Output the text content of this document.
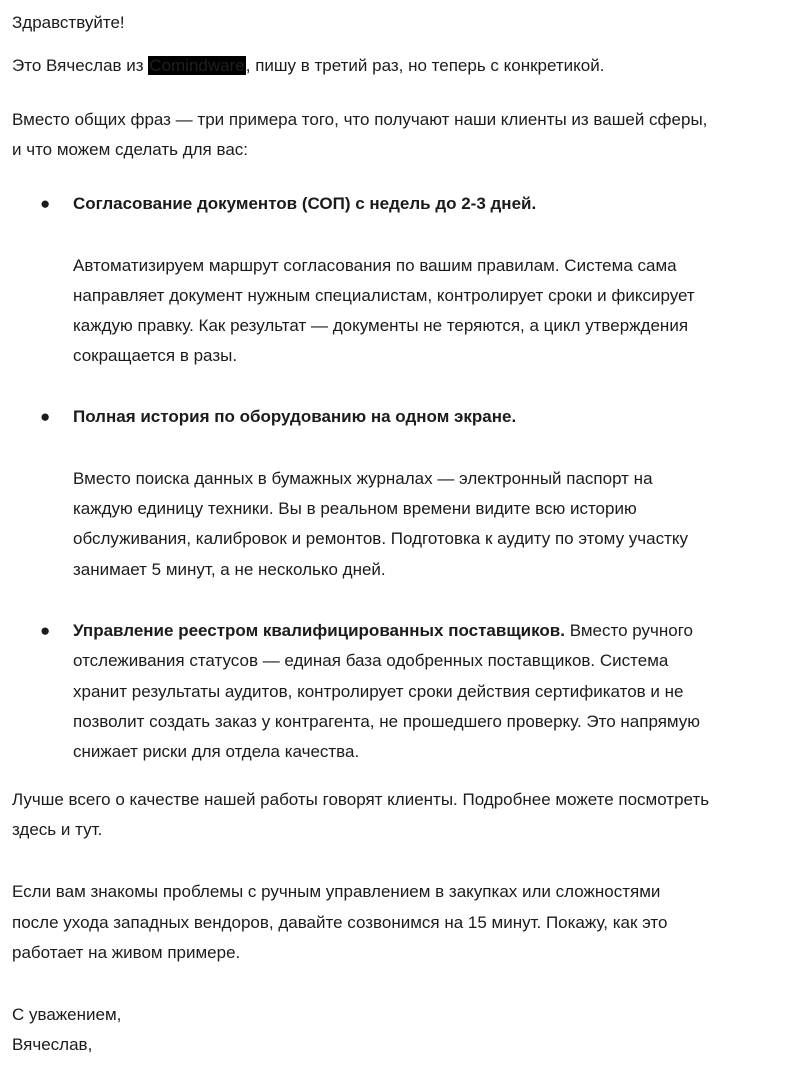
Здравствуйте!
Это Вячеслав из Comindware, пишу в третий раз, но теперь с конкретикой.
Вместо общих фраз — три примера того, что получают наши клиенты из вашей сферы,
и что можем сделать для вас:
● Согласование документов (СОП) с недель до 2-3 дней.
Автоматизируем маршрут согласования по вашим правилам. Система сама
направляет документ нужным специалистам, контролирует сроки и фиксирует
каждую правку. Как результат — документы не теряются, а цикл утверждения
сокращается в разы.
● Полная история по оборудованию на одном экране.
Вместо поиска данных в бумажных журналах — электронный паспорт на
каждую единицу техники. Вы в реальном времени видите всю историю
обслуживания, калибровок и ремонтов. Подготовка к аудиту по этому участку
занимает 5 минут, а не несколько дней.
● Управление реестром квалифицированных поставщиков. Вместо ручного
отслеживания статусов — единая база одобренных поставщиков. Система
хранит результаты аудитов, контролирует сроки действия сертификатов и не
позволит создать заказ у контрагента, не прошедшего проверку. Это напрямую
снижает риски для отдела качества.
Лучше всего о качестве нашей работы говорят клиенты. Подробнее можете посмотреть
здесь и тут.
Если вам знакомы проблемы с ручным управлением в закупках или сложностями
после ухода западных вендоров, давайте созвонимся на 15 минут. Покажу, как это
работает на живом примере.
С уважением,
Вячеслав,
